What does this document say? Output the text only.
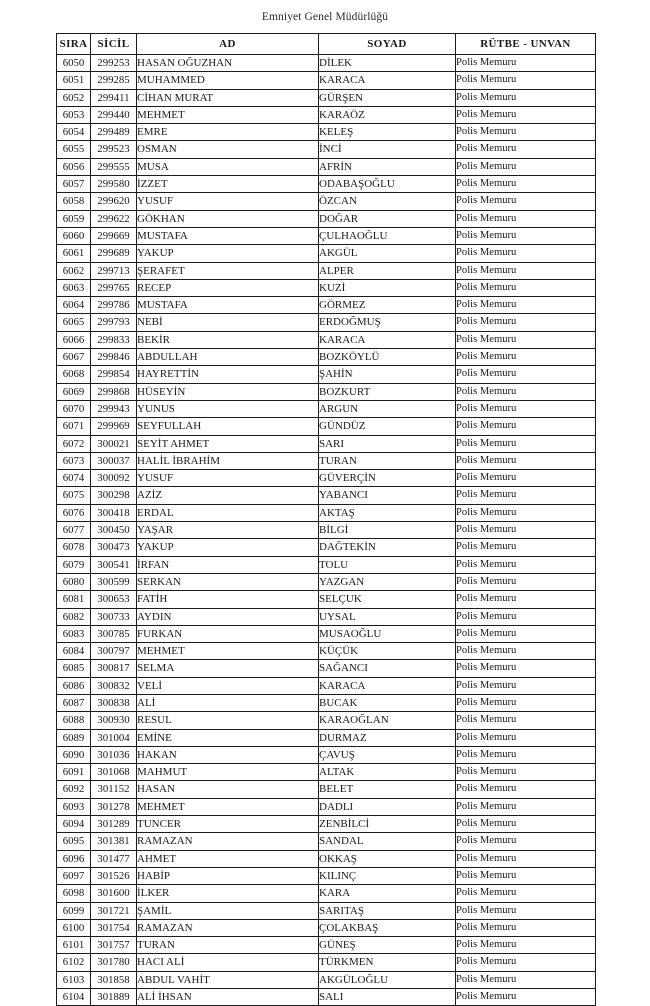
Emniyet Genel Müdürlüğü
SIRA	SİCİL	AD	SOYAD	RÜTBE - UNVAN
6050	299253	HASAN OĞUZHAN	DİLEK	Polis Memuru
6051	299285	MUHAMMED	KARACA	Polis Memuru
6052	299411	CİHAN MURAT	GÜRŞEN	Polis Memuru
6053	299440	MEHMET	KARAÖZ	Polis Memuru
6054	299489	EMRE	KELEŞ	Polis Memuru
6055	299523	OSMAN	İNCİ	Polis Memuru
6056	299555	MUSA	AFRİN	Polis Memuru
6057	299580	İZZET	ODABAŞOĞLU	Polis Memuru
6058	299620	YUSUF	ÖZCAN	Polis Memuru
6059	299622	GÖKHAN	DOĞAR	Polis Memuru
6060	299669	MUSTAFA	ÇULHAOĞLU	Polis Memuru
6061	299689	YAKUP	AKGÜL	Polis Memuru
6062	299713	ŞERAFET	ALPER	Polis Memuru
6063	299765	RECEP	KUZİ	Polis Memuru
6064	299786	MUSTAFA	GÖRMEZ	Polis Memuru
6065	299793	NEBİ	ERDOĞMUŞ	Polis Memuru
6066	299833	BEKİR	KARACA	Polis Memuru
6067	299846	ABDULLAH	BOZKÖYLÜ	Polis Memuru
6068	299854	HAYRETTİN	ŞAHİN	Polis Memuru
6069	299868	HÜSEYİN	BOZKURT	Polis Memuru
6070	299943	YUNUS	ARGUN	Polis Memuru
6071	299969	SEYFULLAH	GÜNDÜZ	Polis Memuru
6072	300021	SEYİT AHMET	SARI	Polis Memuru
6073	300037	HALİL İBRAHİM	TURAN	Polis Memuru
6074	300092	YUSUF	GÜVERÇİN	Polis Memuru
6075	300298	AZİZ	YABANCI	Polis Memuru
6076	300418	ERDAL	AKTAŞ	Polis Memuru
6077	300450	YAŞAR	BİLGİ	Polis Memuru
6078	300473	YAKUP	DAĞTEKİN	Polis Memuru
6079	300541	İRFAN	TOLU	Polis Memuru
6080	300599	SERKAN	YAZGAN	Polis Memuru
6081	300653	FATİH	SELÇUK	Polis Memuru
6082	300733	AYDIN	UYSAL	Polis Memuru
6083	300785	FURKAN	MUSAOĞLU	Polis Memuru
6084	300797	MEHMET	KÜÇÜK	Polis Memuru
6085	300817	SELMA	SAĞANCI	Polis Memuru
6086	300832	VELİ	KARACA	Polis Memuru
6087	300838	ALİ	BUCAK	Polis Memuru
6088	300930	RESUL	KARAOĞLAN	Polis Memuru
6089	301004	EMİNE	DURMAZ	Polis Memuru
6090	301036	HAKAN	ÇAVUŞ	Polis Memuru
6091	301068	MAHMUT	ALTAK	Polis Memuru
6092	301152	HASAN	BELET	Polis Memuru
6093	301278	MEHMET	DADLI	Polis Memuru
6094	301289	TUNCER	ZENBİLCİ	Polis Memuru
6095	301381	RAMAZAN	SANDAL	Polis Memuru
6096	301477	AHMET	OKKAŞ	Polis Memuru
6097	301526	HABİP	KILINÇ	Polis Memuru
6098	301600	İLKER	KARA	Polis Memuru
6099	301721	ŞAMİL	SARITAŞ	Polis Memuru
6100	301754	RAMAZAN	ÇOLAKBAŞ	Polis Memuru
6101	301757	TURAN	GÜNEŞ	Polis Memuru
6102	301780	HACI ALİ	TÜRKMEN	Polis Memuru
6103	301858	ABDUL VAHİT	AKGÜLOĞLU	Polis Memuru
6104	301889	ALİ İHSAN	SALI	Polis Memuru
